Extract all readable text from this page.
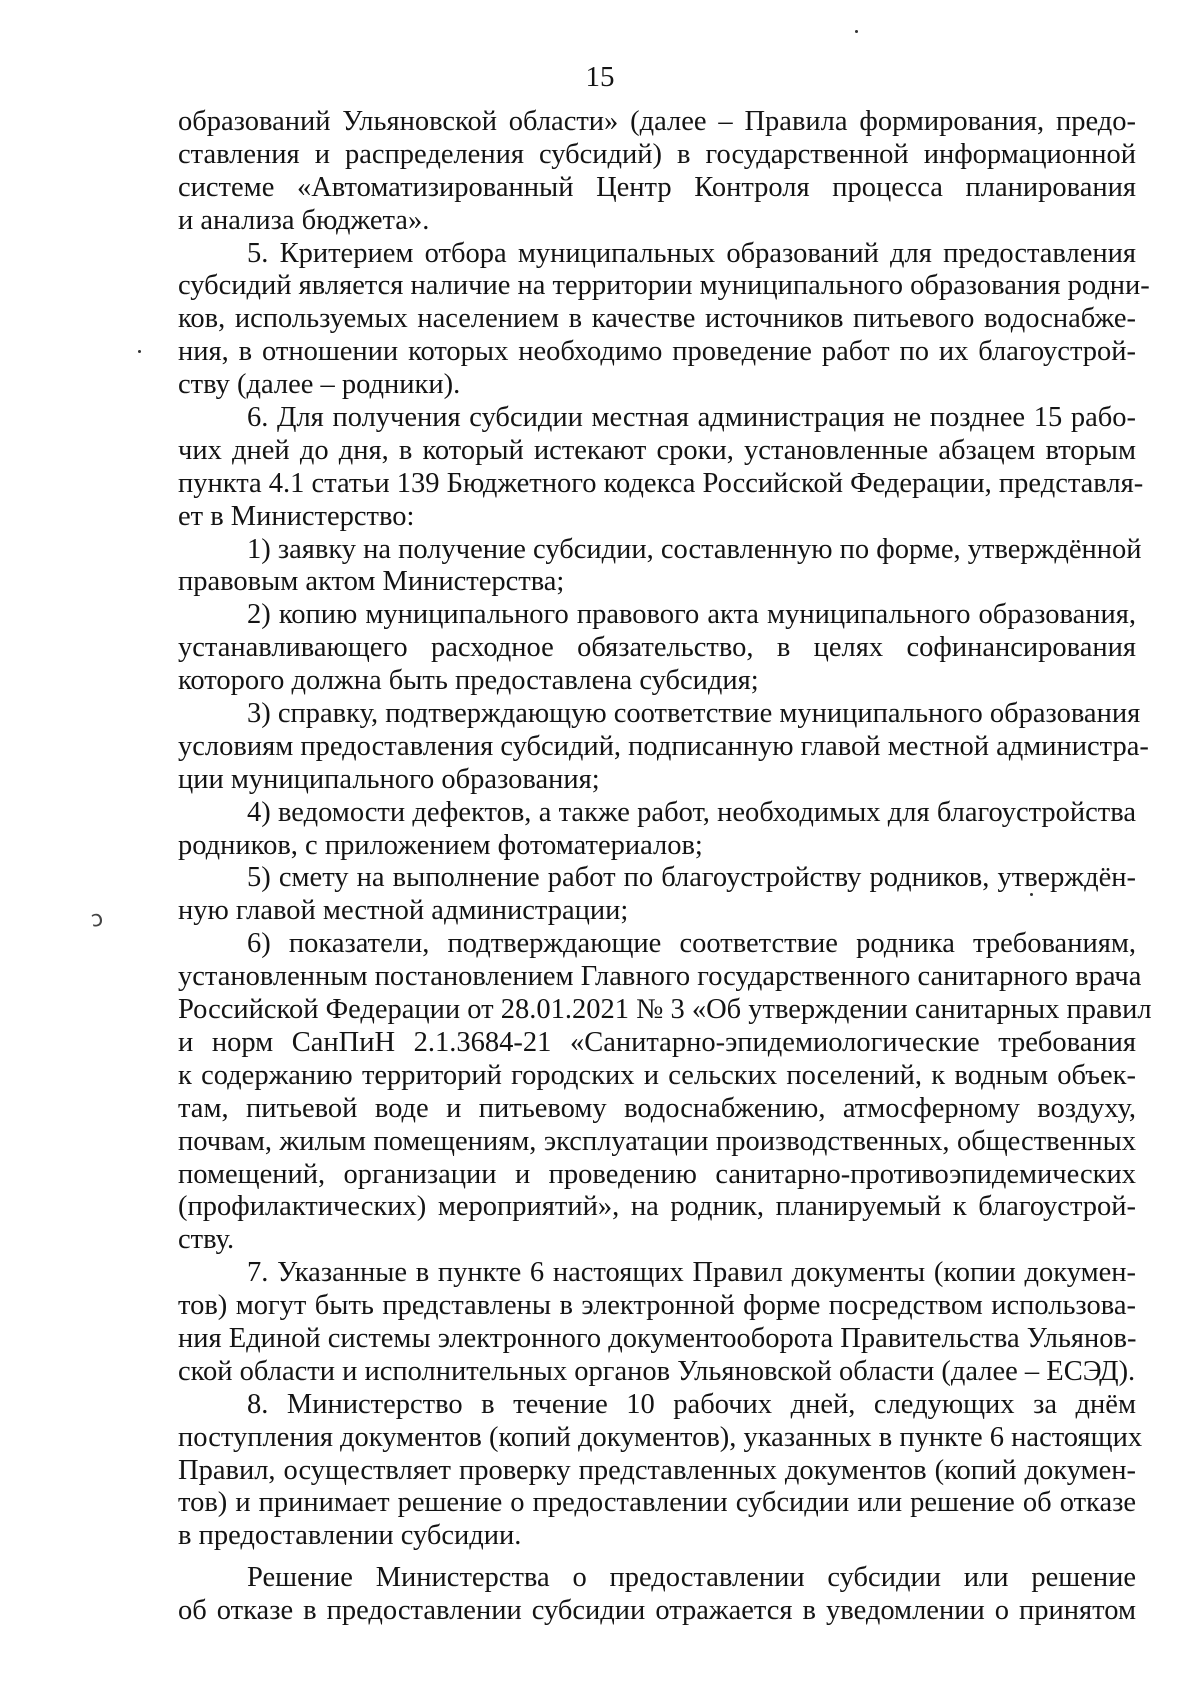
15
образований Ульяновской области» (далее – Правила формирования, предо-
ставления и распределения субсидий) в государственной информационной
системе «Автоматизированный Центр Контроля процесса планирования
и анализа бюджета».
5. Критерием отбора муниципальных образований для предоставления
субсидий является наличие на территории муниципального образования родни-
ков, используемых населением в качестве источников питьевого водоснабже-
ния, в отношении которых необходимо проведение работ по их благоустрой-
ству (далее – родники).
6. Для получения субсидии местная администрация не позднее 15 рабо-
чих дней до дня, в который истекают сроки, установленные абзацем вторым
пункта 4.1 статьи 139 Бюджетного кодекса Российской Федерации, представля-
ет в Министерство:
1) заявку на получение субсидии, составленную по форме, утверждённой
правовым актом Министерства;
2) копию муниципального правового акта муниципального образования,
устанавливающего расходное обязательство, в целях софинансирования
которого должна быть предоставлена субсидия;
3) справку, подтверждающую соответствие муниципального образования
условиям предоставления субсидий, подписанную главой местной администра-
ции муниципального образования;
4) ведомости дефектов, а также работ, необходимых для благоустройства
родников, с приложением фотоматериалов;
5) смету на выполнение работ по благоустройству родников, утверждён-
ную главой местной администрации;
6) показатели, подтверждающие соответствие родника требованиям,
установленным постановлением Главного государственного санитарного врача
Российской Федерации от 28.01.2021 № 3 «Об утверждении санитарных правил
и норм СанПиН 2.1.3684-21 «Санитарно-эпидемиологические требования
к содержанию территорий городских и сельских поселений, к водным объек-
там, питьевой воде и питьевому водоснабжению, атмосферному воздуху,
почвам, жилым помещениям, эксплуатации производственных, общественных
помещений, организации и проведению санитарно-противоэпидемических
(профилактических) мероприятий», на родник, планируемый к благоустрой-
ству.
7. Указанные в пункте 6 настоящих Правил документы (копии докумен-
тов) могут быть представлены в электронной форме посредством использова-
ния Единой системы электронного документооборота Правительства Ульянов-
ской области и исполнительных органов Ульяновской области (далее – ЕСЭД).
8. Министерство в течение 10 рабочих дней, следующих за днём
поступления документов (копий документов), указанных в пункте 6 настоящих
Правил, осуществляет проверку представленных документов (копий докумен-
тов) и принимает решение о предоставлении субсидии или решение об отказе
в предоставлении субсидии.
Решение Министерства о предоставлении субсидии или решение
об отказе в предоставлении субсидии отражается в уведомлении о принятом
ↄ
